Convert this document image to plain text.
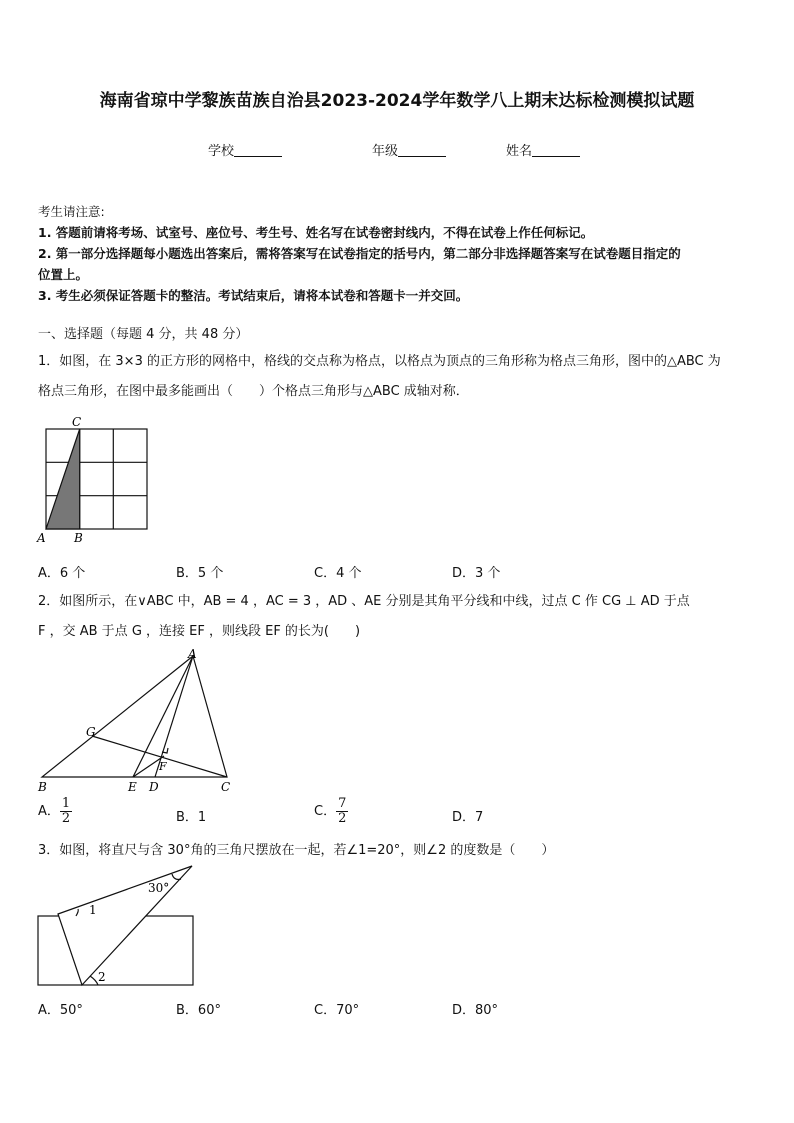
海南省琼中学黎族苗族自治县2023-2024学年数学八上期末达标检测模拟试题
学校	年级	姓名
考生请注意:
1. 答题前请将考场、试室号、座位号、考生号、姓名写在试卷密封线内，不得在试卷上作任何标记。
2. 第一部分选择题每小题选出答案后，需将答案写在试卷指定的括号内，第二部分非选择题答案写在试卷题目指定的
位置上。
3. 考生必须保证答题卡的整洁。考试结束后，请将本试卷和答题卡一并交回。
一、选择题（每题 4 分，共 48 分）
1．如图，在 3×3 的正方形的网格中，格线的交点称为格点，以格点为顶点的三角形称为格点三角形，图中的△ABC 为
格点三角形，在图中最多能画出（　　）个格点三角形与△ABC 成轴对称．
C
A B
A．6 个	B．5 个	C．4 个	D．3 个
2．如图所示，在∨ABC 中，AB = 4 ，AC = 3 ，AD 、AE 分别是其角平分线和中线，过点 C 作 CG ⊥ AD 于点
F ，交 AB 于点 G ，连接 EF ，则线段 EF 的长为(　　)
A
G
B	E D
F
C
A． $\frac{1}{2}$	B．1	C． $\frac{7}{2}$	D．7
3．如图，将直尺与含 30°角的三角尺摆放在一起，若∠1=20°，则∠2 的度数是（　　）
30°
1
2
A．50°	B．60°	C．70°	D．80°
